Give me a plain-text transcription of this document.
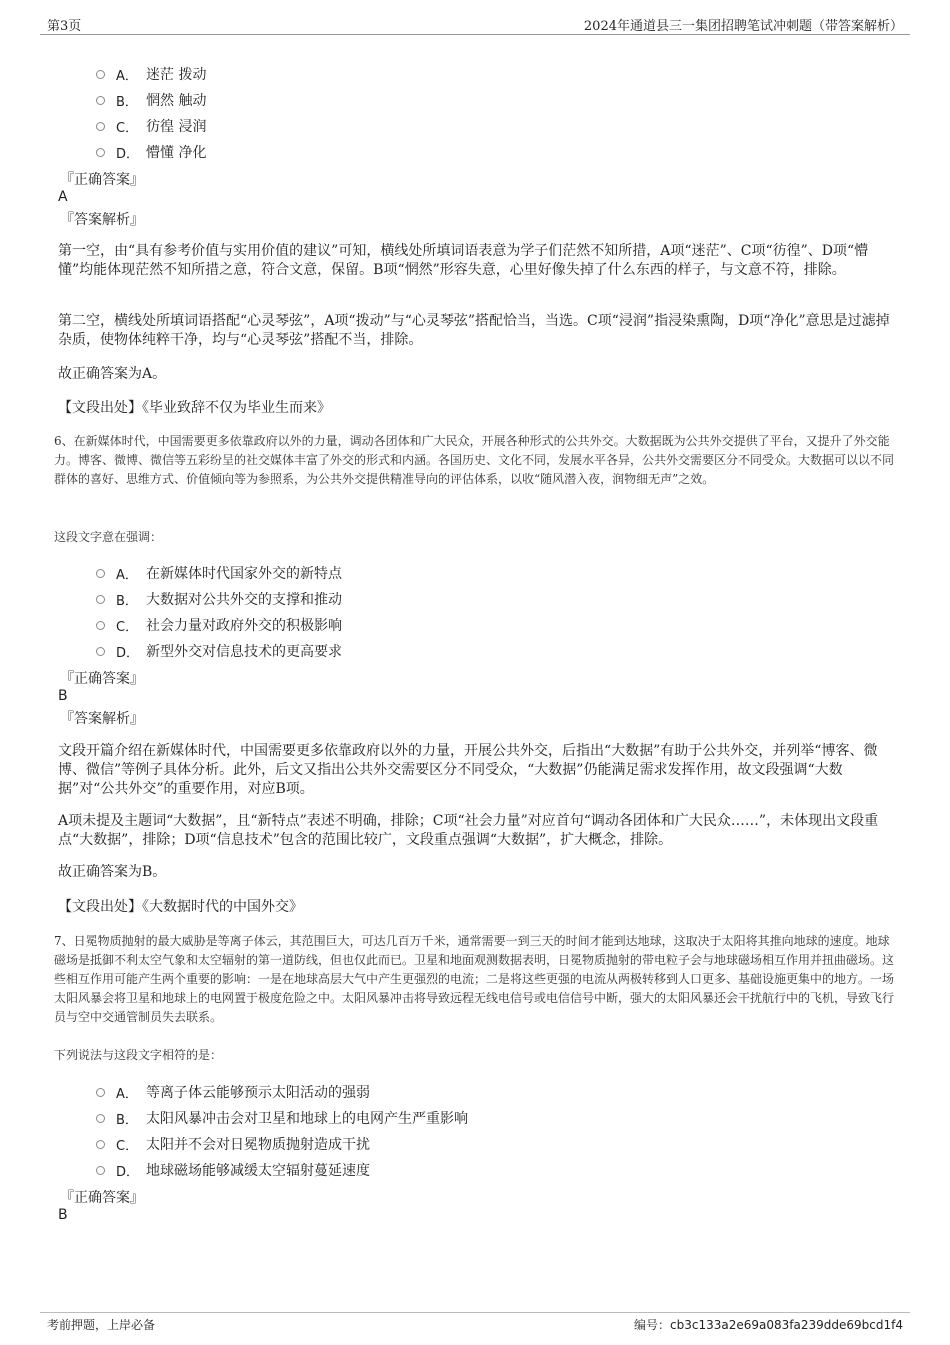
第3页	2024年通道县三一集团招聘笔试冲刺题（带答案解析）
A． 迷茫 拨动
B． 惘然 触动
C． 彷徨 浸润
D． 懵懂 净化
『正确答案』
A
『答案解析』
第一空，由“具有参考价值与实用价值的建议”可知，横线处所填词语表意为学子们茫然不知所措，A项“迷茫”、C项“彷徨”、D项“懵懂”均能体现茫然不知所措之意，符合文意，保留。B项“惘然”形容失意，心里好像失掉了什么东西的样子，与文意不符，排除。
第二空，横线处所填词语搭配“心灵琴弦”，A项“拨动”与“心灵琴弦”搭配恰当，当选。C项“浸润”指浸染熏陶，D项“净化”意思是过滤掉杂质，使物体纯粹干净，均与“心灵琴弦”搭配不当，排除。
故正确答案为A。
【文段出处】《毕业致辞不仅为毕业生而来》
6、在新媒体时代，中国需要更多依靠政府以外的力量，调动各团体和广大民众，开展各种形式的公共外交。大数据既为公共外交提供了平台，又提升了外交能力。博客、微博、微信等五彩纷呈的社交媒体丰富了外交的形式和内涵。各国历史、文化不同，发展水平各异，公共外交需要区分不同受众。大数据可以以不同群体的喜好、思维方式、价值倾向等为参照系，为公共外交提供精准导向的评估体系，以收“随风潜入夜，润物细无声”之效。
这段文字意在强调：
A． 在新媒体时代国家外交的新特点
B． 大数据对公共外交的支撑和推动
C． 社会力量对政府外交的积极影响
D． 新型外交对信息技术的更高要求
『正确答案』
B
『答案解析』
文段开篇介绍在新媒体时代，中国需要更多依靠政府以外的力量，开展公共外交，后指出“大数据”有助于公共外交，并列举“博客、微博、微信”等例子具体分析。此外，后文又指出公共外交需要区分不同受众，“大数据”仍能满足需求发挥作用，故文段强调“大数据”对“公共外交”的重要作用，对应B项。
A项未提及主题词“大数据”，且“新特点”表述不明确，排除；C项“社会力量”对应首句“调动各团体和广大民众……”，未体现出文段重点“大数据”，排除；D项“信息技术”包含的范围比较广，文段重点强调“大数据”，扩大概念，排除。
故正确答案为B。
【文段出处】《大数据时代的中国外交》
7、日冕物质抛射的最大威胁是等离子体云，其范围巨大，可达几百万千米，通常需要一到三天的时间才能到达地球，这取决于太阳将其推向地球的速度。地球磁场是抵御不利太空气象和太空辐射的第一道防线，但也仅此而已。卫星和地面观测数据表明，日冕物质抛射的带电粒子会与地球磁场相互作用并扭曲磁场。这些相互作用可能产生两个重要的影响：一是在地球高层大气中产生更强烈的电流；二是将这些更强的电流从两极转移到人口更多、基础设施更集中的地方。一场太阳风暴会将卫星和地球上的电网置于极度危险之中。太阳风暴冲击将导致远程无线电信号或电信信号中断，强大的太阳风暴还会干扰航行中的飞机，导致飞行员与空中交通管制员失去联系。
下列说法与这段文字相符的是：
A． 等离子体云能够预示太阳活动的强弱
B． 太阳风暴冲击会对卫星和地球上的电网产生严重影响
C． 太阳并不会对日冕物质抛射造成干扰
D． 地球磁场能够减缓太空辐射蔓延速度
『正确答案』
B
考前押题，上岸必备	编号：cb3c133a2e69a083fa239dde69bcd1f4
